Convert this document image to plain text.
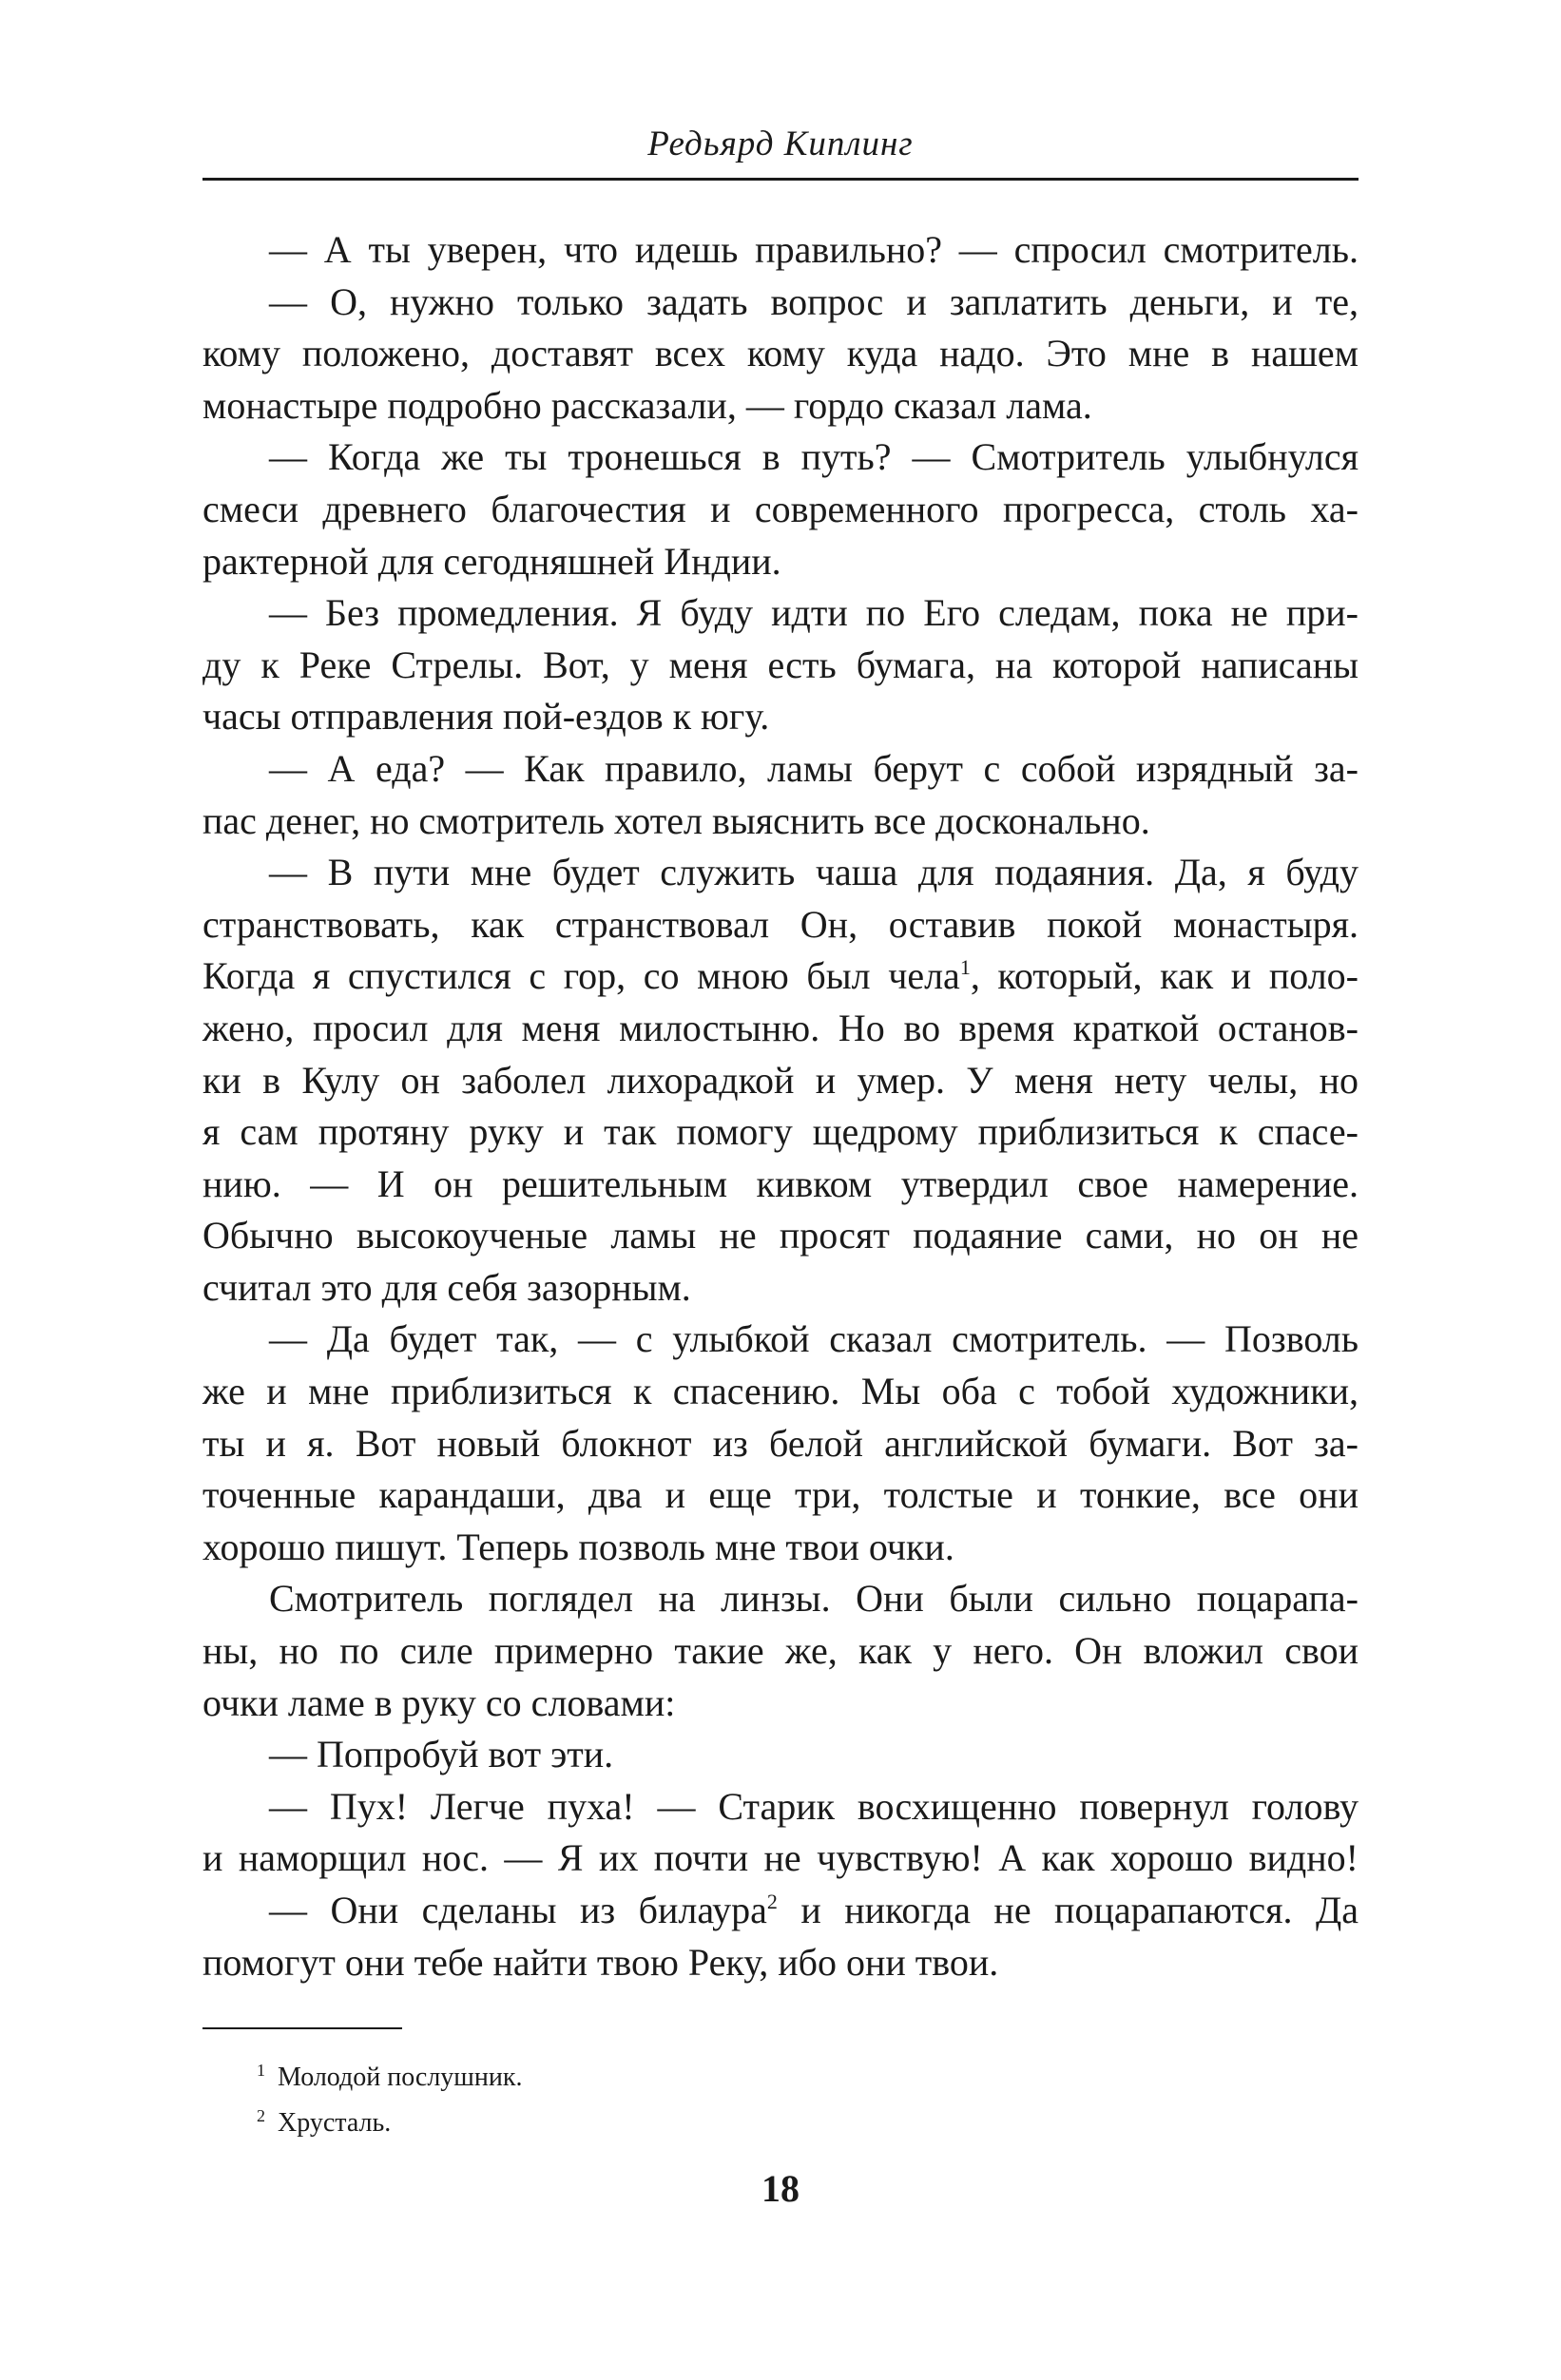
Редьярд Киплинг
— А ты уверен, что идешь правильно? — спросил смотритель.
— О, нужно только задать вопрос и заплатить деньги, и те,
кому положено, доставят всех кому куда надо. Это мне в нашем
монастыре подробно рассказали, — гордо сказал лама.
— Когда же ты тронешься в путь? — Смотритель улыбнулся
смеси древнего благочестия и современного прогресса, столь ха-
рактерной для сегодняшней Индии.
— Без промедления. Я буду идти по Его следам, пока не при-
ду к Реке Стрелы. Вот, у меня есть бумага, на которой написаны
часы отправления пой-ездов к югу.
— А еда? — Как правило, ламы берут с собой изрядный за-
пас денег, но смотритель хотел выяснить все досконально.
— В пути мне будет служить чаша для подаяния. Да, я буду
странствовать, как странствовал Он, оставив покой монастыря.
Когда я спустился с гор, со мною был чела$^1$, который, как и поло-
жено, просил для меня милостыню. Но во время краткой останов-
ки в Кулу он заболел лихорадкой и умер. У меня нету челы, но
я сам протяну руку и так помогу щедрому приблизиться к спасе-
нию. — И он решительным кивком утвердил свое намерение.
Обычно высокоученые ламы не просят подаяние сами, но он не
считал это для себя зазорным.
— Да будет так, — с улыбкой сказал смотритель. — Позволь
же и мне приблизиться к спасению. Мы оба с тобой художники,
ты и я. Вот новый блокнот из белой английской бумаги. Вот за-
точенные карандаши, два и еще три, толстые и тонкие, все они
хорошо пишут. Теперь позволь мне твои очки.
Смотритель поглядел на линзы. Они были сильно поцарапа-
ны, но по силе примерно такие же, как у него. Он вложил свои
очки ламе в руку со словами:
— Попробуй вот эти.
— Пух! Легче пуха! — Старик восхищенно повернул голову
и наморщил нос. — Я их почти не чувствую! А как хорошо видно!
— Они сделаны из билаура$^2$ и никогда не поцарапаются. Да
помогут они тебе найти твою Реку, ибо они твои.
1 Молодой послушник.
2 Хрусталь.
18
